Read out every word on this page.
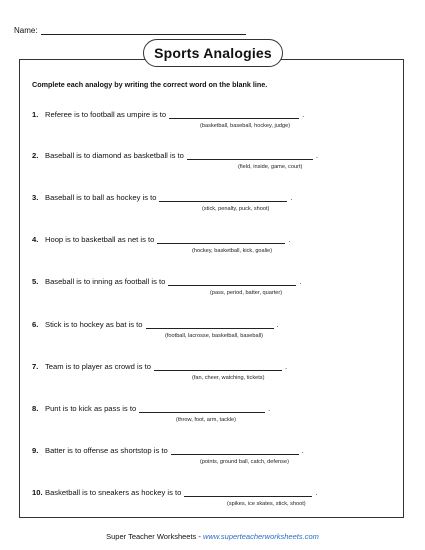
Name:
Sports Analogies
Complete each analogy by writing the correct word on the blank line.
1. Referee is to football as umpire is to	.
(basketball, baseball, hockey, judge)
2. Baseball is to diamond as basketball is to	.
(field, inside, game, court)
3. Baseball is to ball as hockey is to	.
(stick, penalty, puck, shoot)
4. Hoop is to basketball as net is to	.
(hockey, basketball, kick, goalie)
5. Baseball is to inning as football is to	.
(pass, period, batter, quarter)
6. Stick is to hockey as bat is to	.
(football, lacrosse, basketball, baseball)
7. Team is to player as crowd is to	.
(fan, cheer, watching, tickets)
8. Punt is to kick as pass is to	.
(throw, foot, arm, tackle)
9. Batter is to offense as shortstop is to	.
(points, ground ball, catch, defense)
10. Basketball is to sneakers as hockey is to	.
(spikes, ice skates, stick, shoot)
Super Teacher Worksheets - www.superteacherworksheets.com
